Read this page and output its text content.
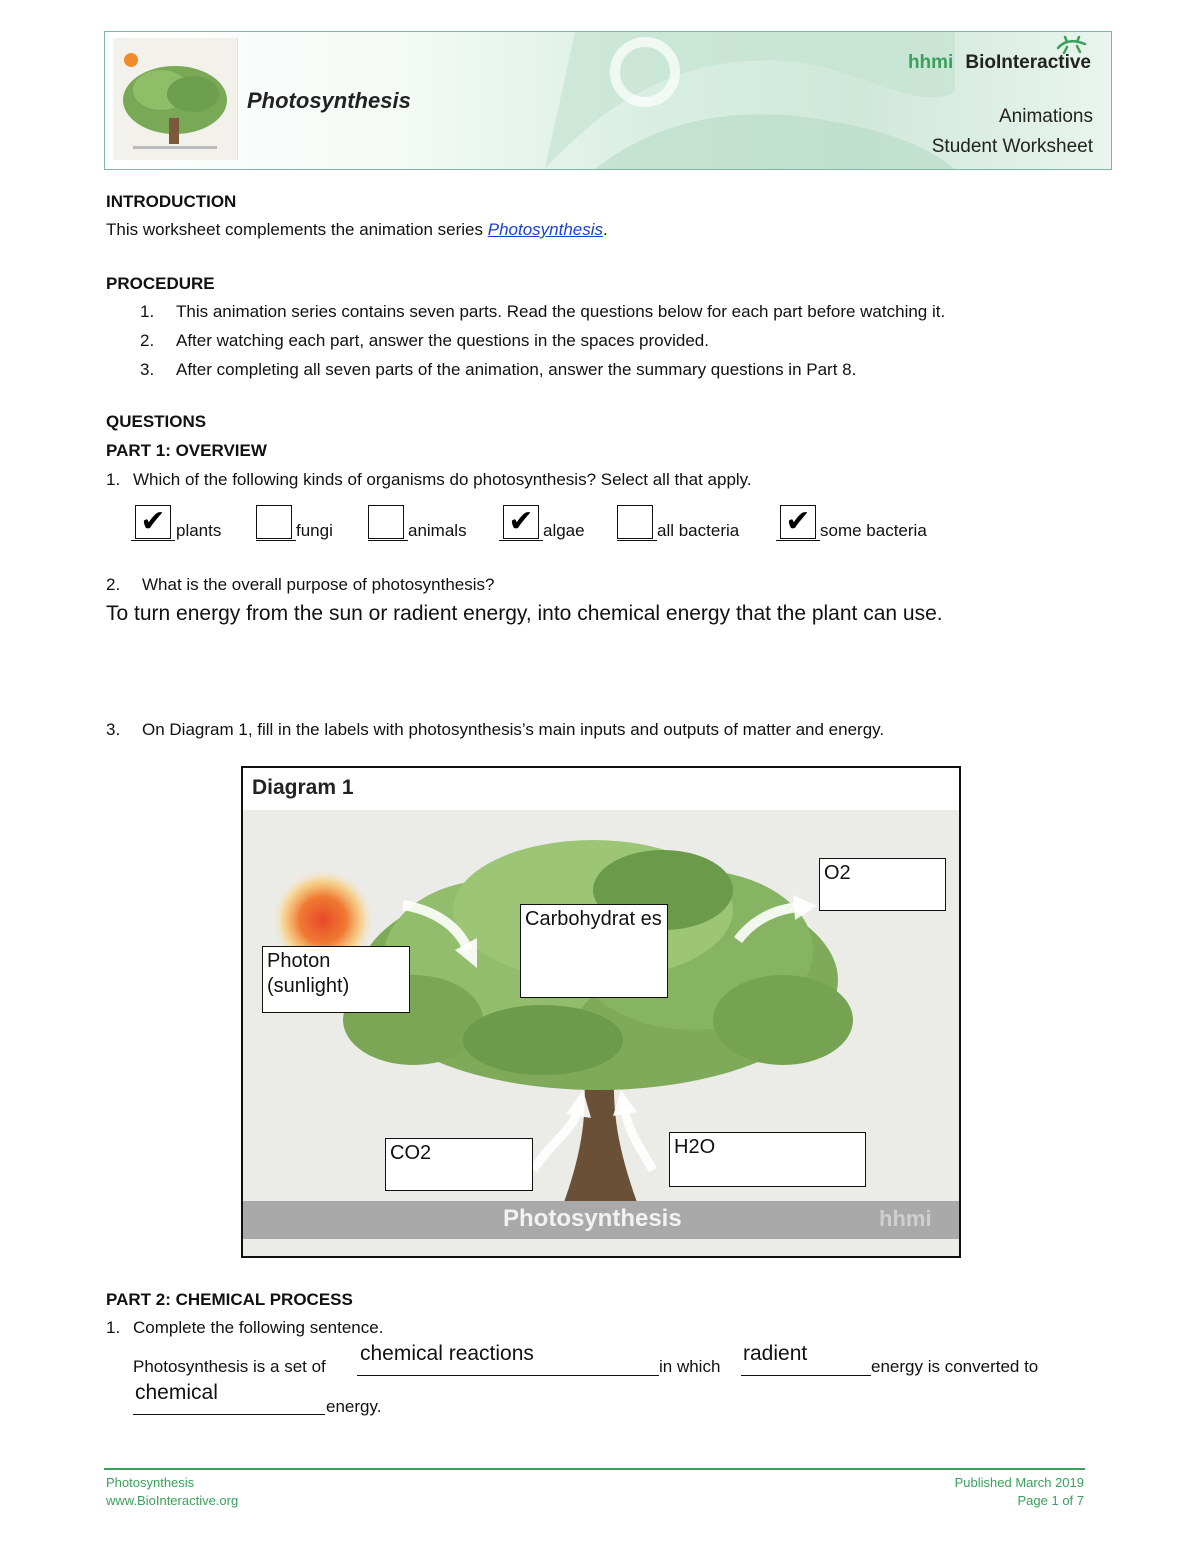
Photosynthesis
hhmi BioInteractive
Animations
Student Worksheet
INTRODUCTION
This worksheet complements the animation series Photosynthesis.
PROCEDURE
1. This animation series contains seven parts. Read the questions below for each part before watching it.
2. After watching each part, answer the questions in the spaces provided.
3. After completing all seven parts of the animation, answer the summary questions in Part 8.
QUESTIONS
PART 1: OVERVIEW
1. Which of the following kinds of organisms do photosynthesis? Select all that apply.
✔ plants	fungi	animals ✔ algae	all bacteria ✔ some bacteria
2. What is the overall purpose of photosynthesis?
To turn energy from the sun or radient energy, into chemical energy that the plant can use.
3. On Diagram 1, fill in the labels with photosynthesis’s main inputs and outputs of matter and energy.
Diagram 1
Photosynthesis	hhmi
Photon (sunlight)
Carbohydrat es
O2
CO2	H2O
PART 2: CHEMICAL PROCESS
1. Complete the following sentence.
Photosynthesis is a set of
chemical reactions
in which
radient
energy is converted to
chemical
energy.
Photosynthesis
www.BioInteractive.org
Published March 2019
Page 1 of 7
